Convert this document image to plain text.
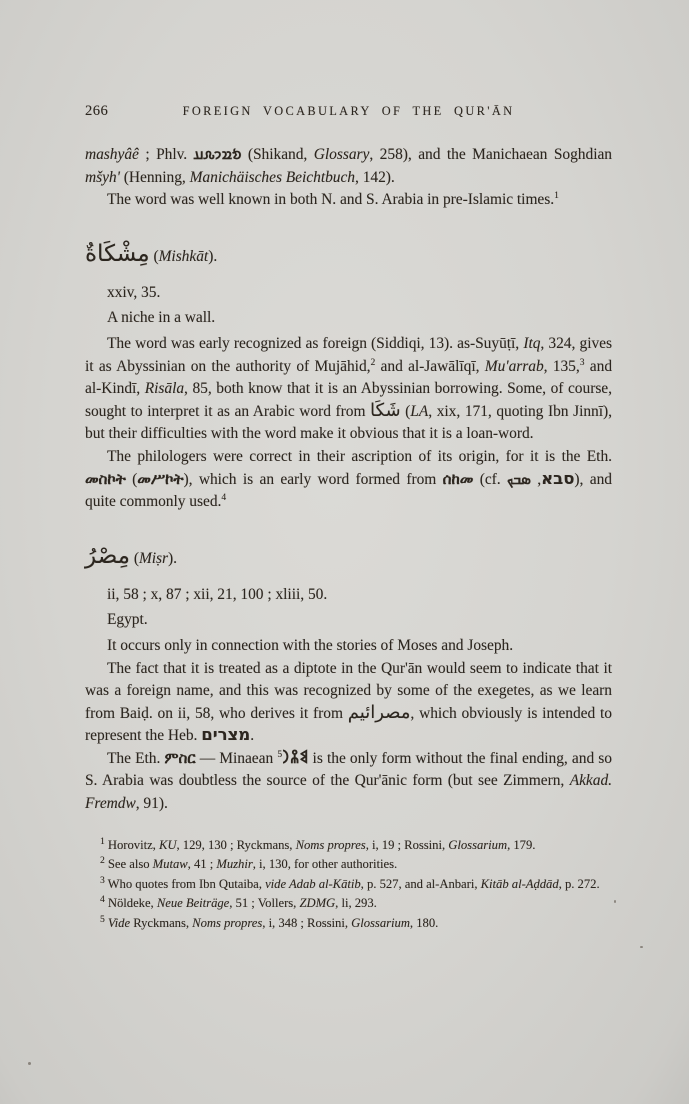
266	FOREIGN VOCABULARY OF THE QUR'ĀN

mashyâê ; Phlv. 𐭬𐭱𐭩𐭧𐭠 (Shikand, Glossary, 258), and the Manichaean Soghdian mšyh' (Henning, Manichäisches Beichtbuch, 142).

The word was well known in both N. and S. Arabia in pre-Islamic times.$^1$

مِشْكَاةٌ (Mishkāt).

xxiv, 35.

A niche in a wall.

The word was early recognized as foreign (Siddiqi, 13). as-Suyūṭī, Itq, 324, gives it as Abyssinian on the authority of Mujāhid,$^2$ and al-Jawālīqī, Mu'arrab, 135,$^3$ and al-Kindī, Risāla, 85, both know that it is an Abyssinian borrowing. Some, of course, sought to interpret it as an Arabic word from شَكَا (LA, xix, 171, quoting Ibn Jinnī), but their difficulties with the word make it obvious that it is a loan-word.

The philologers were correct in their ascription of its origin, for it is the Eth. መስኮት (መሥኮት), which is an early word formed from ሰከመ (cf. סבא, ܣܒܟ	), and quite commonly used.$^4$

مِصْرُ (Miṣr).

ii, 58 ; x, 87 ; xii, 21, 100 ; xliii, 50.

Egypt.

It occurs only in connection with the stories of Moses and Joseph.

The fact that it is treated as a diptote in the Qur'ān would seem to indicate that it was a foreign name, and this was recognized by some of the exegetes, as we learn from Baiḍ. on ii, 58, who derives it from مصرائيم, which obviously is intended to represent the Heb. מצרים.

The Eth. ምስር — Minaean 𐩣𐩮𐩧$^5$ is the only form without the final ending, and so S. Arabia was doubtless the source of the Qur'ānic form (but see Zimmern, Akkad. Fremdw, 91).

$^1$ Horovitz, KU, 129, 130 ; Ryckmans, Noms propres, i, 19 ; Rossini, Glossarium, 179.

$^2$ See also Mutaw, 41 ; Muzhir, i, 130, for other authorities.

$^3$ Who quotes from Ibn Qutaiba, vide Adab al-Kātib, p. 527, and al-Anbari, Kitāb al-Aḍdād, p. 272.

$^4$ Nöldeke, Neue Beiträge, 51 ; Vollers, ZDMG, li, 293.

$^5$ Vide Ryckmans, Noms propres, i, 348 ; Rossini, Glossarium, 180.
